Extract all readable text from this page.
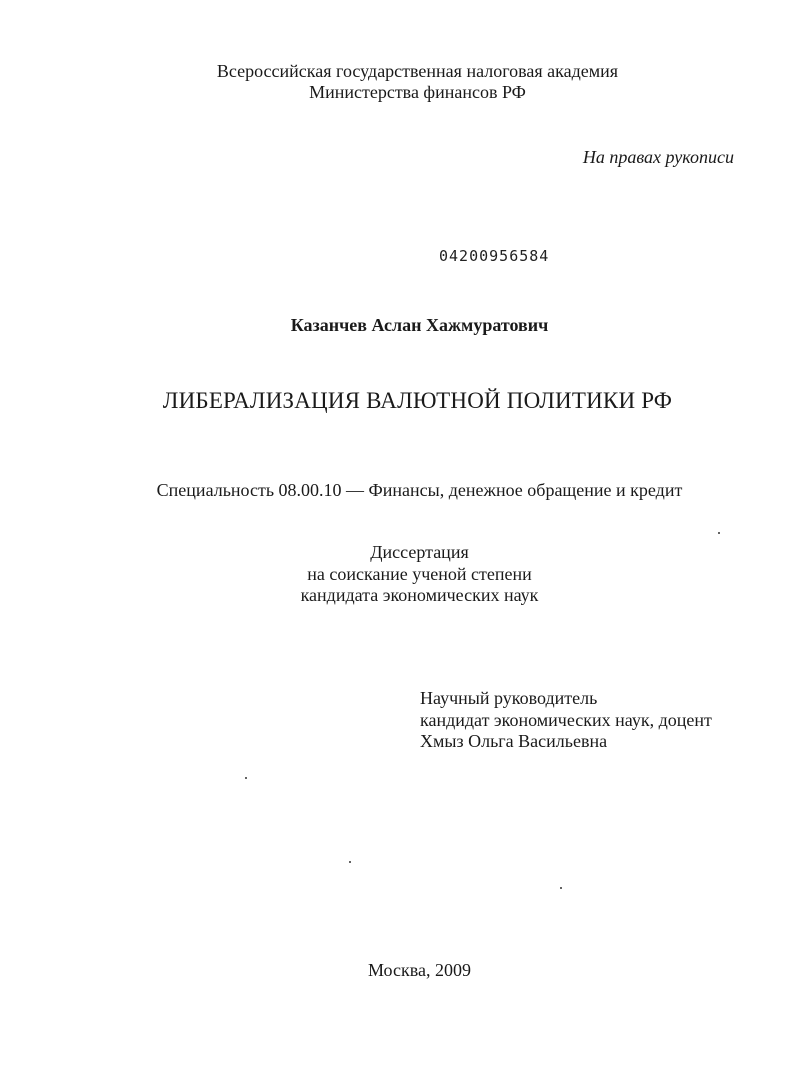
Всероссийская государственная налоговая академия
Министерства финансов РФ
На правах рукописи
04200956584
Казанчев Аслан Хажмуратович
ЛИБЕРАЛИЗАЦИЯ ВАЛЮТНОЙ ПОЛИТИКИ РФ
Специальность 08.00.10 — Финансы, денежное обращение и кредит
Диссертация
на соискание ученой степени
кандидата экономических наук
Научный руководитель
кандидат экономических наук, доцент
Хмыз Ольга Васильевна
Москва, 2009
